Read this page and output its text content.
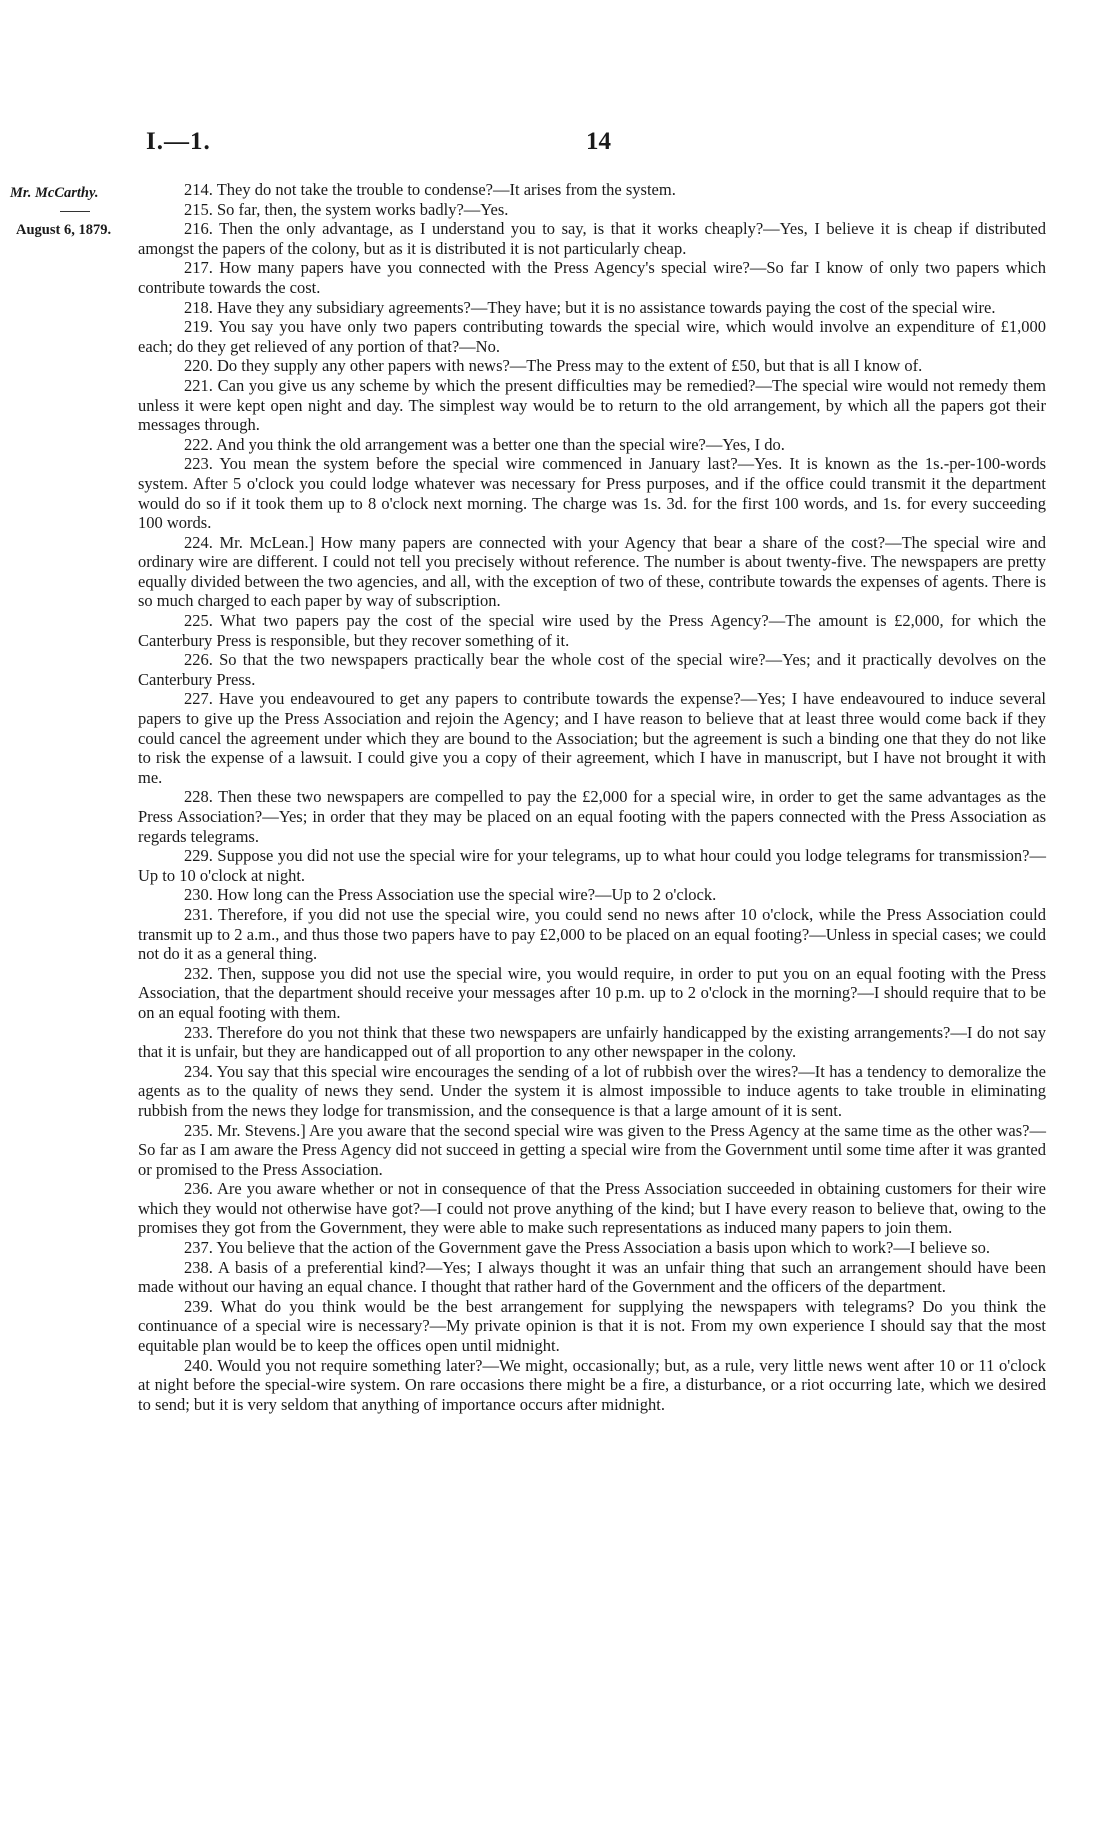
I.—1.	14
Mr. McCarthy.
August 6, 1879.

214. They do not take the trouble to condense?—It arises from the system.

215. So far, then, the system works badly?—Yes.

216. Then the only advantage, as I understand you to say, is that it works cheaply?—Yes, I believe it is cheap if distributed amongst the papers of the colony, but as it is distributed it is not particularly cheap.

217. How many papers have you connected with the Press Agency's special wire?—So far I know of only two papers which contribute towards the cost.

218. Have they any subsidiary agreements?—They have; but it is no assistance towards paying the cost of the special wire.

219. You say you have only two papers contributing towards the special wire, which would involve an expenditure of £1,000 each; do they get relieved of any portion of that?—No.

220. Do they supply any other papers with news?—The Press may to the extent of £50, but that is all I know of.

221. Can you give us any scheme by which the present difficulties may be remedied?—The special wire would not remedy them unless it were kept open night and day. The simplest way would be to return to the old arrangement, by which all the papers got their messages through.

222. And you think the old arrangement was a better one than the special wire?—Yes, I do.

223. You mean the system before the special wire commenced in January last?—Yes. It is known as the 1s.-per-100-words system. After 5 o'clock you could lodge whatever was necessary for Press purposes, and if the office could transmit it the department would do so if it took them up to 8 o'clock next morning. The charge was 1s. 3d. for the first 100 words, and 1s. for every succeeding 100 words.

224. Mr. McLean.] How many papers are connected with your Agency that bear a share of the cost?—The special wire and ordinary wire are different. I could not tell you precisely without reference. The number is about twenty-five. The newspapers are pretty equally divided between the two agencies, and all, with the exception of two of these, contribute towards the expenses of agents. There is so much charged to each paper by way of subscription.

225. What two papers pay the cost of the special wire used by the Press Agency?—The amount is £2,000, for which the Canterbury Press is responsible, but they recover something of it.

226. So that the two newspapers practically bear the whole cost of the special wire?—Yes; and it practically devolves on the Canterbury Press.

227. Have you endeavoured to get any papers to contribute towards the expense?—Yes; I have endeavoured to induce several papers to give up the Press Association and rejoin the Agency; and I have reason to believe that at least three would come back if they could cancel the agreement under which they are bound to the Association; but the agreement is such a binding one that they do not like to risk the expense of a lawsuit. I could give you a copy of their agreement, which I have in manuscript, but I have not brought it with me.

228. Then these two newspapers are compelled to pay the £2,000 for a special wire, in order to get the same advantages as the Press Association?—Yes; in order that they may be placed on an equal footing with the papers connected with the Press Association as regards telegrams.

229. Suppose you did not use the special wire for your telegrams, up to what hour could you lodge telegrams for transmission?—Up to 10 o'clock at night.

230. How long can the Press Association use the special wire?—Up to 2 o'clock.

231. Therefore, if you did not use the special wire, you could send no news after 10 o'clock, while the Press Association could transmit up to 2 a.m., and thus those two papers have to pay £2,000 to be placed on an equal footing?—Unless in special cases; we could not do it as a general thing.

232. Then, suppose you did not use the special wire, you would require, in order to put you on an equal footing with the Press Association, that the department should receive your messages after 10 p.m. up to 2 o'clock in the morning?—I should require that to be on an equal footing with them.

233. Therefore do you not think that these two newspapers are unfairly handicapped by the existing arrangements?—I do not say that it is unfair, but they are handicapped out of all proportion to any other newspaper in the colony.

234. You say that this special wire encourages the sending of a lot of rubbish over the wires?—It has a tendency to demoralize the agents as to the quality of news they send. Under the system it is almost impossible to induce agents to take trouble in eliminating rubbish from the news they lodge for transmission, and the consequence is that a large amount of it is sent.

235. Mr. Stevens.] Are you aware that the second special wire was given to the Press Agency at the same time as the other was?—So far as I am aware the Press Agency did not succeed in getting a special wire from the Government until some time after it was granted or promised to the Press Association.

236. Are you aware whether or not in consequence of that the Press Association succeeded in obtaining customers for their wire which they would not otherwise have got?—I could not prove anything of the kind; but I have every reason to believe that, owing to the promises they got from the Government, they were able to make such representations as induced many papers to join them.

237. You believe that the action of the Government gave the Press Association a basis upon which to work?—I believe so.

238. A basis of a preferential kind?—Yes; I always thought it was an unfair thing that such an arrangement should have been made without our having an equal chance. I thought that rather hard of the Government and the officers of the department.

239. What do you think would be the best arrangement for supplying the newspapers with telegrams? Do you think the continuance of a special wire is necessary?—My private opinion is that it is not. From my own experience I should say that the most equitable plan would be to keep the offices open until midnight.

240. Would you not require something later?—We might, occasionally; but, as a rule, very little news went after 10 or 11 o'clock at night before the special-wire system. On rare occasions there might be a fire, a disturbance, or a riot occurring late, which we desired to send; but it is very seldom that anything of importance occurs after midnight.
